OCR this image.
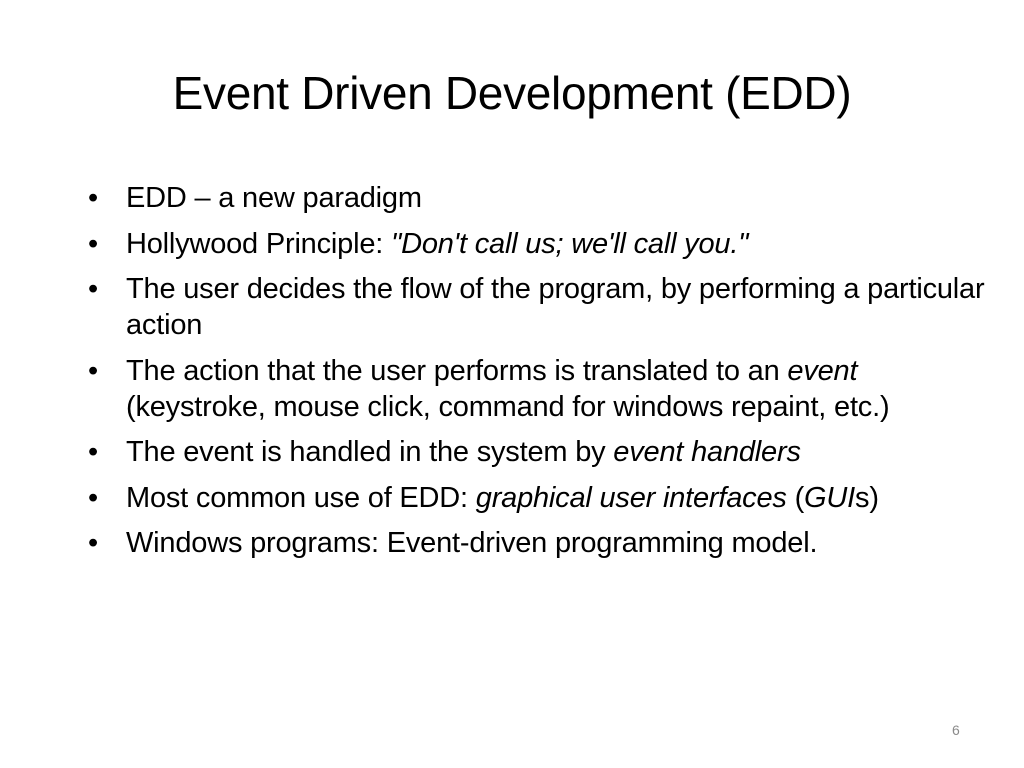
Event Driven Development (EDD)
• EDD – a new paradigm
• Hollywood Principle: "Don't call us; we'll call you."
• The user decides the flow of the program, by performing a particular action
• The action that the user performs is translated to an event (keystroke, mouse click, command for windows repaint, etc.)
• The event is handled in the system by event handlers
• Most common use of EDD: graphical user interfaces (GUIs)
• Windows programs: Event-driven programming model.
6
